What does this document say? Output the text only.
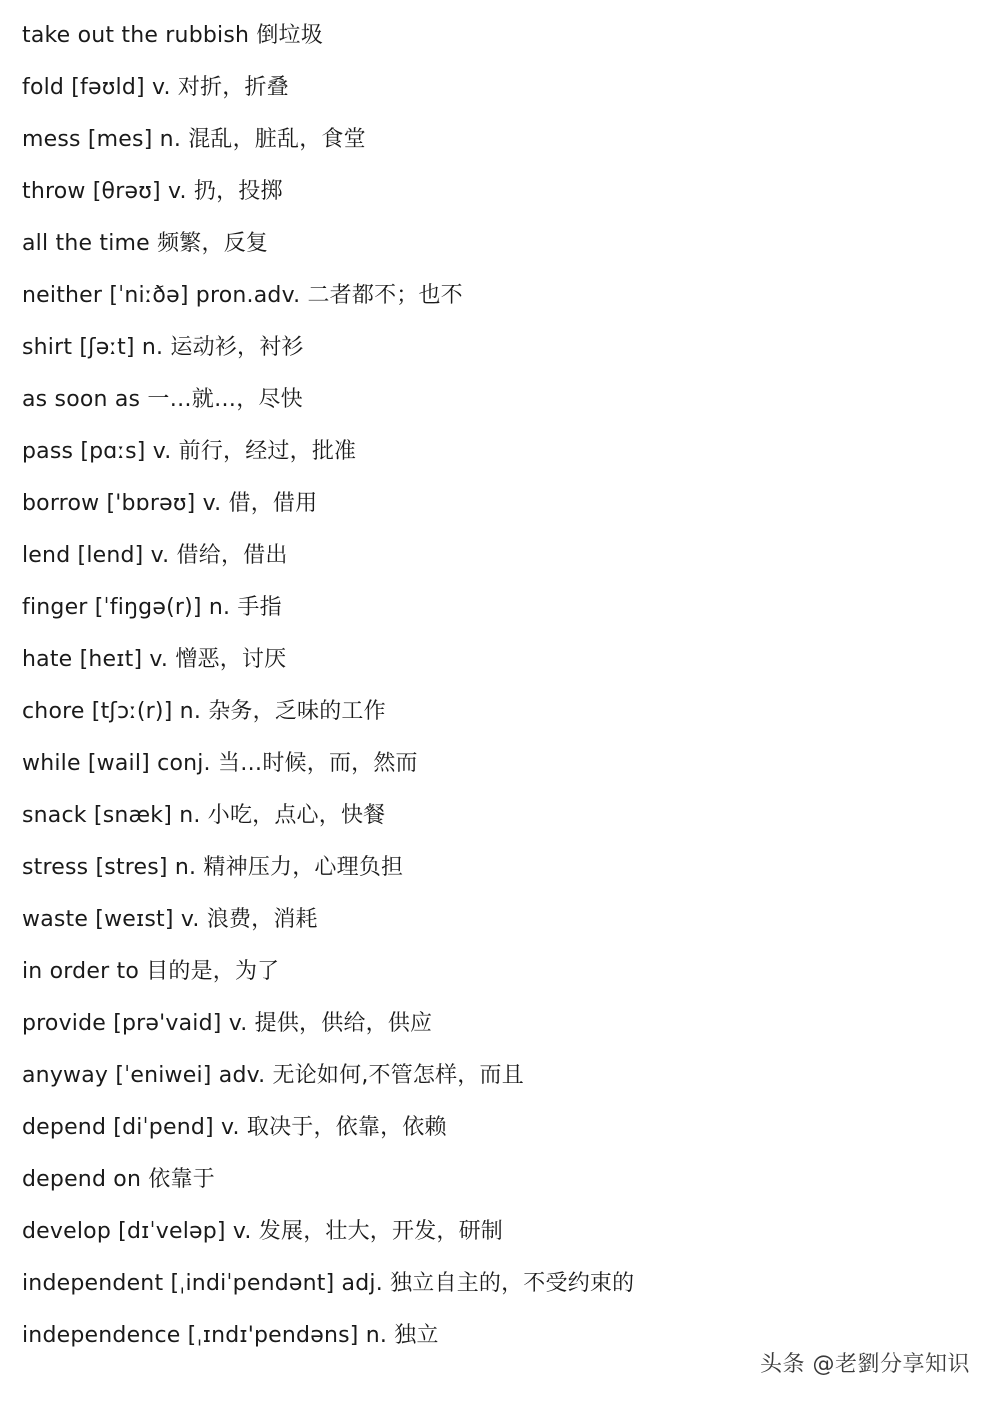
take out the rubbish 倒垃圾
fold [fəʊld] v. 对折，折叠
mess [mes] n. 混乱，脏乱，食堂
throw [θrəʊ] v. 扔，投掷
all the time 频繁，反复
neither [ˈniːðə] pron.adv. 二者都不；也不
shirt [ʃəːt] n. 运动衫，衬衫
as soon as 一…就…，尽快
pass [pɑːs] v. 前行，经过，批准
borrow ['bɒrəʊ] v. 借，借用
lend [lend] v. 借给，借出
finger [ˈfiŋgə(r)] n. 手指
hate [heɪt] v. 憎恶，讨厌
chore [tʃɔː(r)] n. 杂务，乏味的工作
while [wail] conj. 当…时候，而，然而
snack [snæk] n. 小吃，点心，快餐
stress [stres] n. 精神压力，心理负担
waste [weɪst] v. 浪费，消耗
in order to 目的是，为了
provide [prə'vaid] v. 提供，供给，供应
anyway [ˈeniwei] adv. 无论如何,不管怎样，而且
depend [diˈpend] v. 取决于，依靠，依赖
depend on 依靠于
develop [dɪˈveləp] v. 发展，壮大，开发，研制
independent [ˌindiˈpendənt] adj. 独立自主的，不受约束的
independence [ˌɪndɪ'pendəns] n. 独立
头条 @老劉分享知识
